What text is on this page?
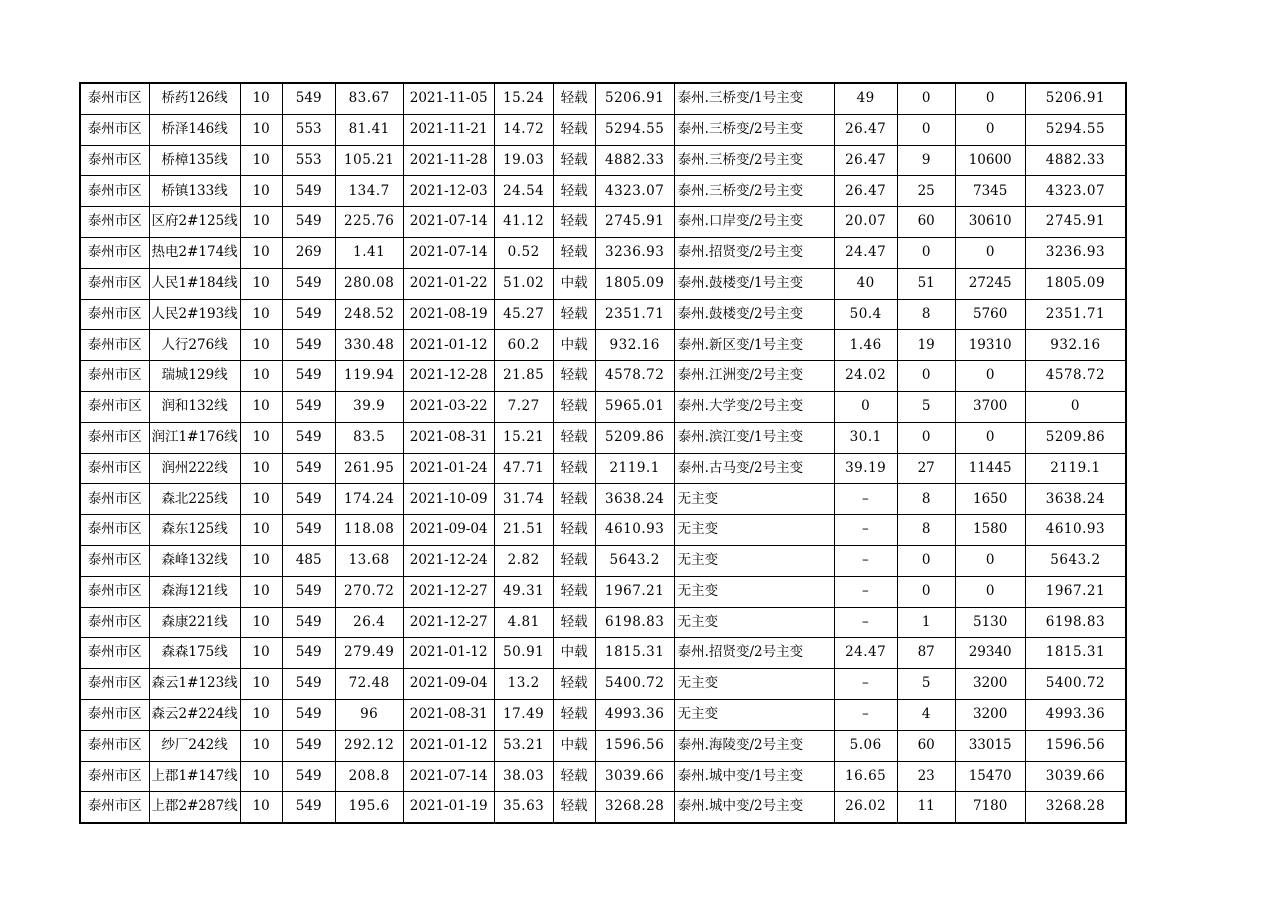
泰州市区	桥药126线	10	549	83.67	2021-11-05	15.24	轻载	5206.91	泰州.三桥变/1号主变	49	0	0	5206.91
泰州市区	桥泽146线	10	553	81.41	2021-11-21	14.72	轻载	5294.55	泰州.三桥变/2号主变	26.47	0	0	5294.55
泰州市区	桥樟135线	10	553	105.21	2021-11-28	19.03	轻载	4882.33	泰州.三桥变/2号主变	26.47	9	10600	4882.33
泰州市区	桥镇133线	10	549	134.7	2021-12-03	24.54	轻载	4323.07	泰州.三桥变/2号主变	26.47	25	7345	4323.07
泰州市区	区府2#125线	10	549	225.76	2021-07-14	41.12	轻载	2745.91	泰州.口岸变/2号主变	20.07	60	30610	2745.91
泰州市区	热电2#174线	10	269	1.41	2021-07-14	0.52	轻载	3236.93	泰州.招贤变/2号主变	24.47	0	0	3236.93
泰州市区	人民1#184线	10	549	280.08	2021-01-22	51.02	中载	1805.09	泰州.鼓楼变/1号主变	40	51	27245	1805.09
泰州市区	人民2#193线	10	549	248.52	2021-08-19	45.27	轻载	2351.71	泰州.鼓楼变/2号主变	50.4	8	5760	2351.71
泰州市区	人行276线	10	549	330.48	2021-01-12	60.2	中载	932.16	泰州.新区变/1号主变	1.46	19	19310	932.16
泰州市区	瑞城129线	10	549	119.94	2021-12-28	21.85	轻载	4578.72	泰州.江洲变/2号主变	24.02	0	0	4578.72
泰州市区	润和132线	10	549	39.9	2021-03-22	7.27	轻载	5965.01	泰州.大学变/2号主变	0	5	3700	0
泰州市区	润江1#176线	10	549	83.5	2021-08-31	15.21	轻载	5209.86	泰州.滨江变/1号主变	30.1	0	0	5209.86
泰州市区	润州222线	10	549	261.95	2021-01-24	47.71	轻载	2119.1	泰州.古马变/2号主变	39.19	27	11445	2119.1
泰州市区	森北225线	10	549	174.24	2021-10-09	31.74	轻载	3638.24	无主变	–	8	1650	3638.24
泰州市区	森东125线	10	549	118.08	2021-09-04	21.51	轻载	4610.93	无主变	–	8	1580	4610.93
泰州市区	森峰132线	10	485	13.68	2021-12-24	2.82	轻载	5643.2	无主变	–	0	0	5643.2
泰州市区	森海121线	10	549	270.72	2021-12-27	49.31	轻载	1967.21	无主变	–	0	0	1967.21
泰州市区	森康221线	10	549	26.4	2021-12-27	4.81	轻载	6198.83	无主变	–	1	5130	6198.83
泰州市区	森森175线	10	549	279.49	2021-01-12	50.91	中载	1815.31	泰州.招贤变/2号主变	24.47	87	29340	1815.31
泰州市区	森云1#123线	10	549	72.48	2021-09-04	13.2	轻载	5400.72	无主变	–	5	3200	5400.72
泰州市区	森云2#224线	10	549	96	2021-08-31	17.49	轻载	4993.36	无主变	–	4	3200	4993.36
泰州市区	纱厂242线	10	549	292.12	2021-01-12	53.21	中载	1596.56	泰州.海陵变/2号主变	5.06	60	33015	1596.56
泰州市区	上郡1#147线	10	549	208.8	2021-07-14	38.03	轻载	3039.66	泰州.城中变/1号主变	16.65	23	15470	3039.66
泰州市区	上郡2#287线	10	549	195.6	2021-01-19	35.63	轻载	3268.28	泰州.城中变/2号主变	26.02	11	7180	3268.28
